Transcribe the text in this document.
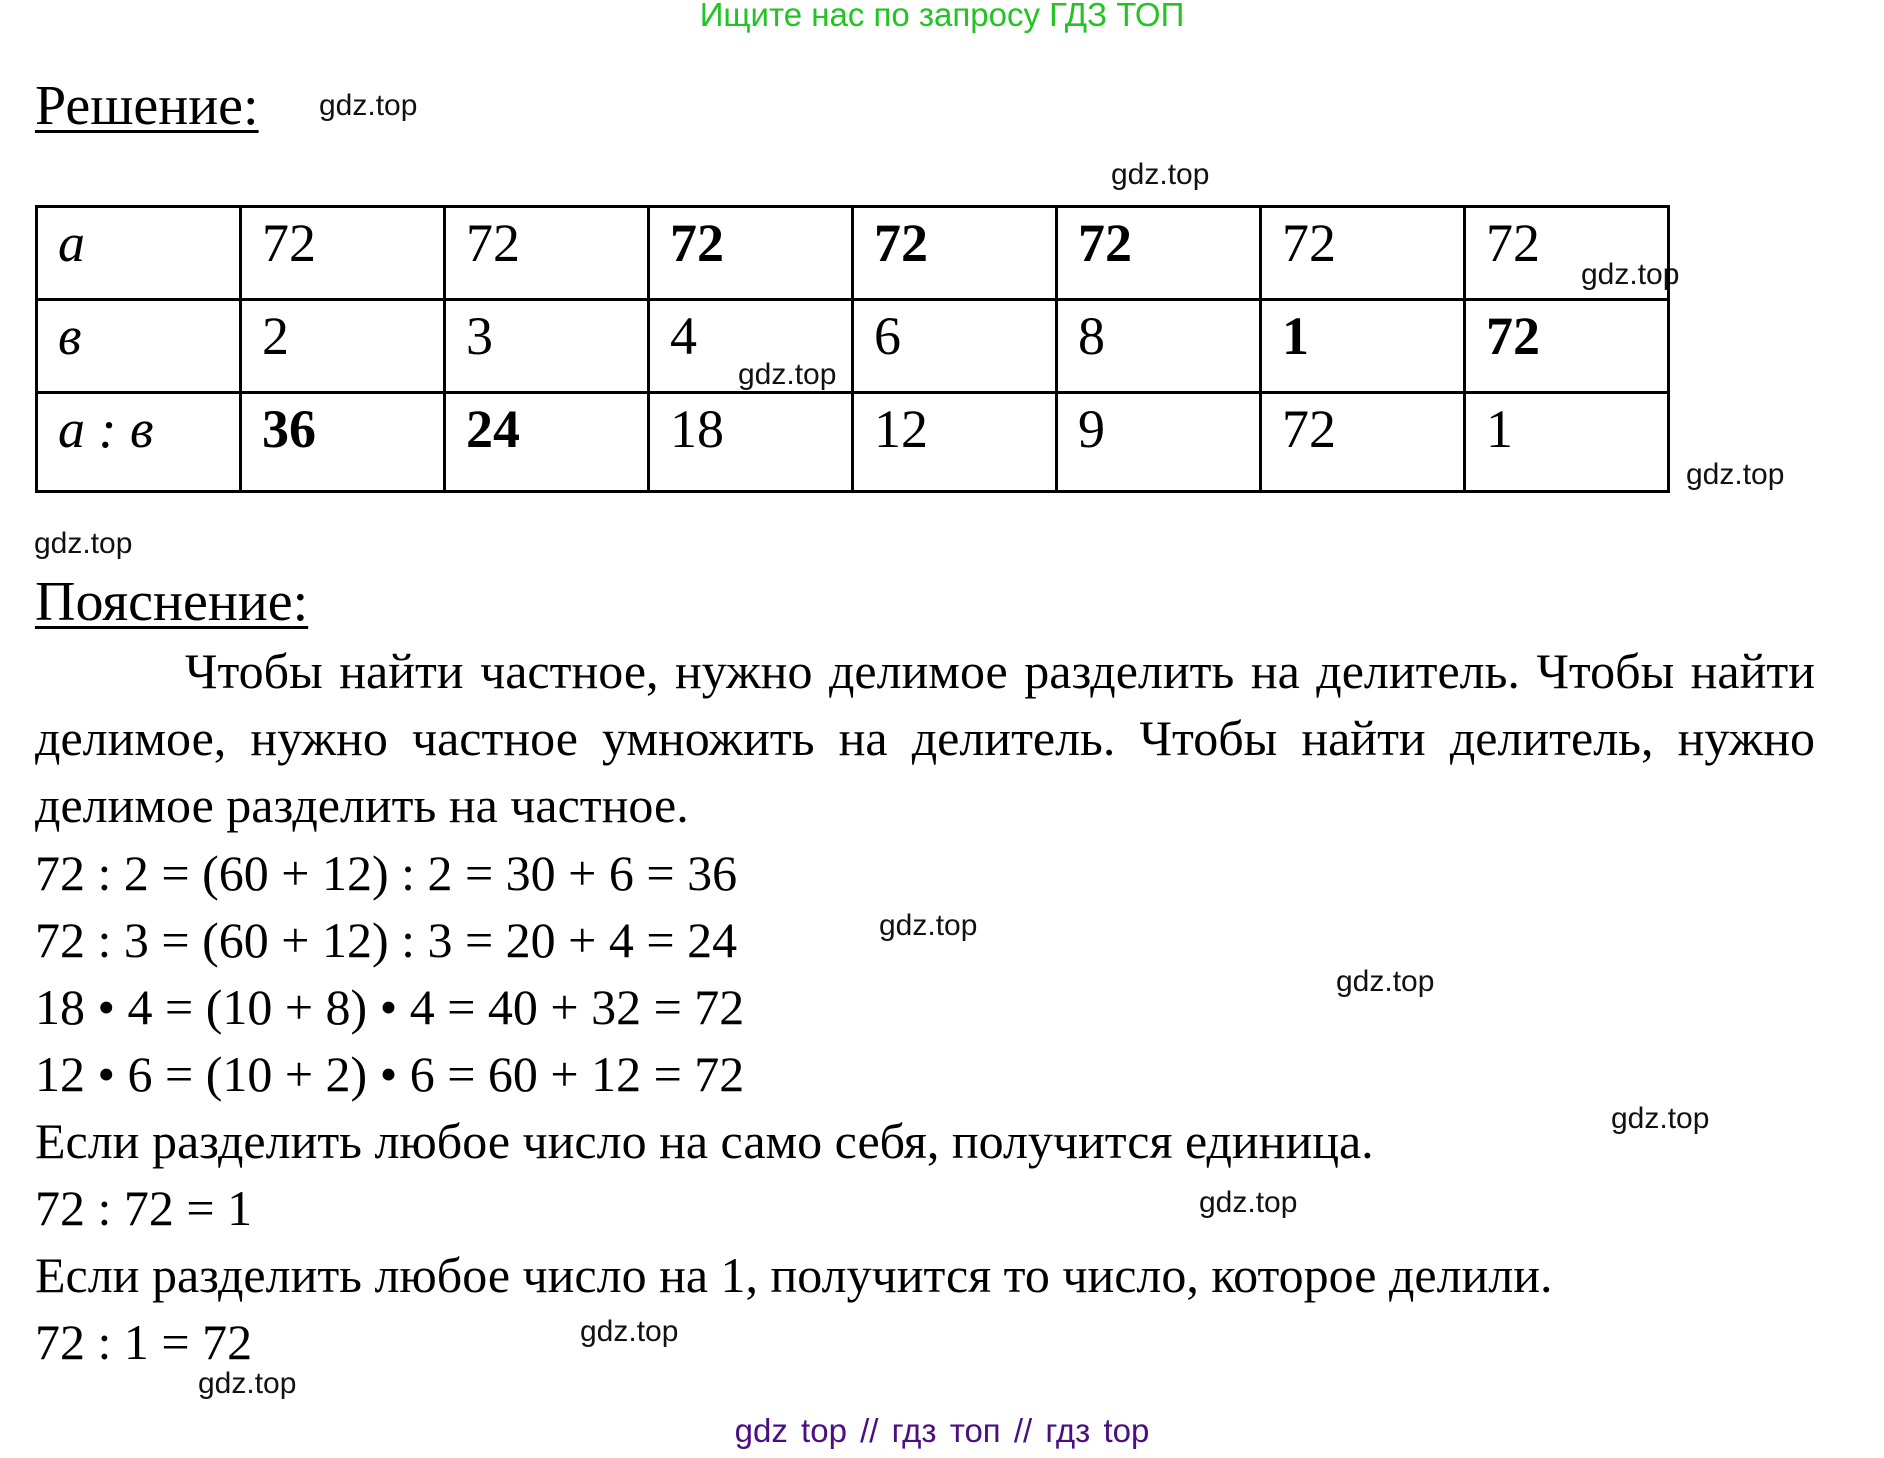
Ищите нас по запросу ГДЗ ТОП
Решение: gdz.top
gdz.top
gdz.top
gdz.top
gdz.top
а	72	72	72	72	72	72	72
в	2	3	4	6	8	1	72
а : в	36	24	18	12	9	72	1
gdz.top
Пояснение:
Чтобы найти частное, нужно делимое разделить на делитель. Чтобы найти делимое, нужно частное умножить на делитель. Чтобы найти делитель, нужно делимое разделить на частное.
72 : 2 = (60 + 12) : 2 = 30 + 6 = 36
72 : 3 = (60 + 12) : 3 = 20 + 4 = 24
18 • 4 = (10 + 8) • 4 = 40 + 32 = 72
12 • 6 = (10 + 2) • 6 = 60 + 12 = 72
Если разделить любое число на само себя, получится единица.
72 : 72 = 1
Если разделить любое число на 1, получится то число, которое делили.
72 : 1 = 72
gdz.top
gdz.top
gdz.top
gdz.top
gdz.top
gdz.top
gdz top // гдз топ // гдз top
